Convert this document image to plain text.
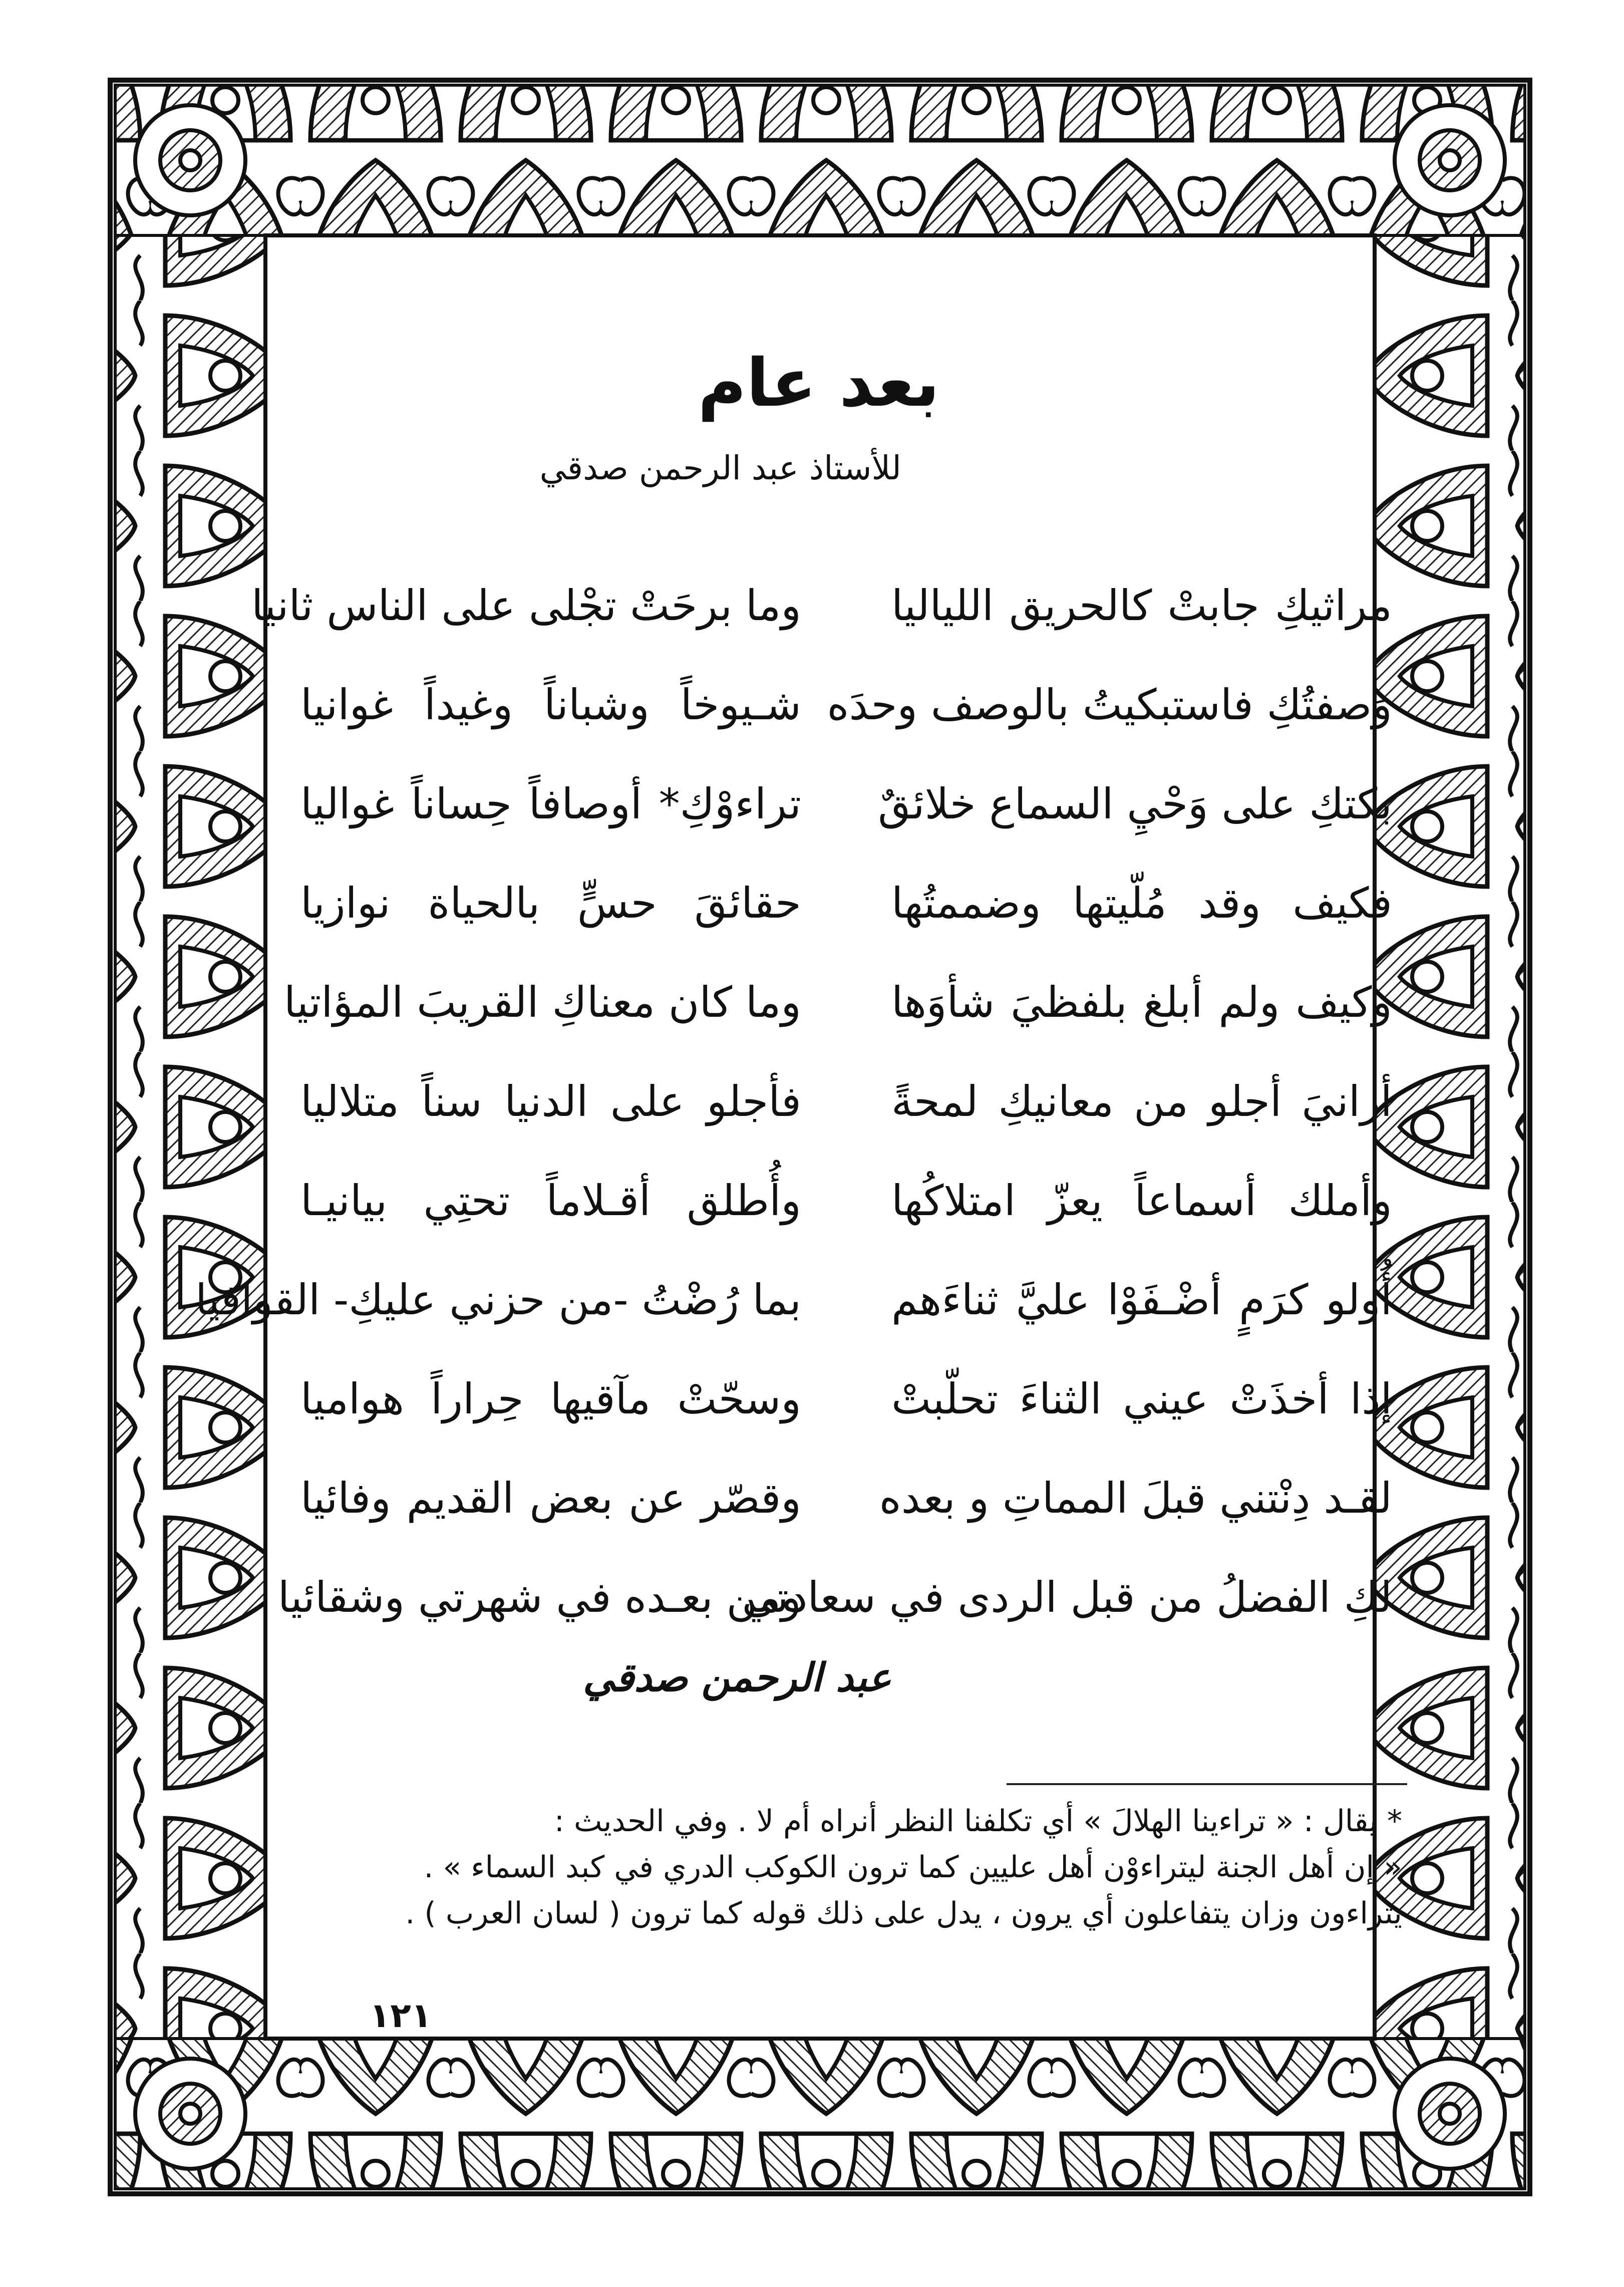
بعد عام
للأستاذ عبد الرحمن صدقي
مراثيكِ جابتْ كالحريق اللياليا
وما برحَتْ تجْلى على الناس ثانيا
وَصفتُكِ فاستبكيتُ بالوصف وحدَه
شـيوخاً وشباناً وغيداً غوانيا
بكتكِ على وَحْيِ السماع خلائقٌ
تراءوْكِ* أوصافاً حِساناً غواليا
فكيف وقد مُلّيتها وضممتُها
حقائقَ حسٍّ بالحياة نوازيا
وكيف ولم أبلغ بلفظيَ شأوَها
وما كان معناكِ القريبَ المؤاتيا
أرانيَ أجلو من معانيكِ لمحةً
فأجلو على الدنيا سناً متلاليا
وأملك أسماعاً يعزّ امتلاكُها
وأُطلق أقـلاماً تحتِي بيانيـا
أُولو كرَمٍ أضْـفَوْا عليَّ ثناءَهم
بما رُضْتُ -من حزني عليكِ- القوافيا
إذا أخذَتْ عيني الثناءَ تحلّبتْ
وسحّتْ مآقيها حِراراً هواميا
لقـد دِنْتني قبلَ المماتِ و بعده
وقصّر عن بعض القديم وفائيا
لكِ الفضلُ من قبل الردى في سعادتي
ومن بعـده في شهرتي وشقائيا
عبد الرحمن صدقي

* يقال : « تراءينا الهلالَ » أي تكلفنا النظر أنراه أم لا . وفي الحديث :

« إن أهل الجنة ليتراءوْن أهل عليين كما ترون الكوكب الدري في كبد السماء » .

يتراءون وزان يتفاعلون أي يرون ، يدل على ذلك قوله كما ترون ( لسان العرب ) .

١٢١
